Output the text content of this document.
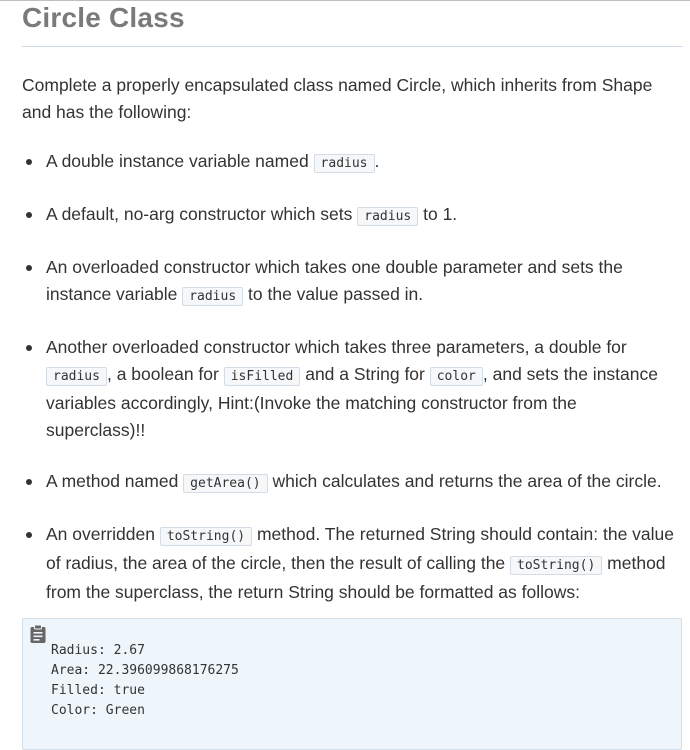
Circle Class

Complete a properly encapsulated class named Circle, which inherits from Shape and has the following:

A double instance variable named radius .
A default, no-arg constructor which sets radius to 1.
An overloaded constructor which takes one double parameter and sets the instance variable radius to the value passed in.
Another overloaded constructor which takes three parameters, a double for radius , a boolean for isFilled and a String for color , and sets the instance variables accordingly, Hint:(Invoke the matching constructor from the superclass)!!
A method named getArea() which calculates and returns the area of the circle.
An overridden toString() method. The returned String should contain: the value of radius, the area of the circle, then the result of calling the toString() method from the superclass, the return String should be formatted as follows:
Radius: 2.67
Area: 22.396099868176275
Filled: true
Color: Green
